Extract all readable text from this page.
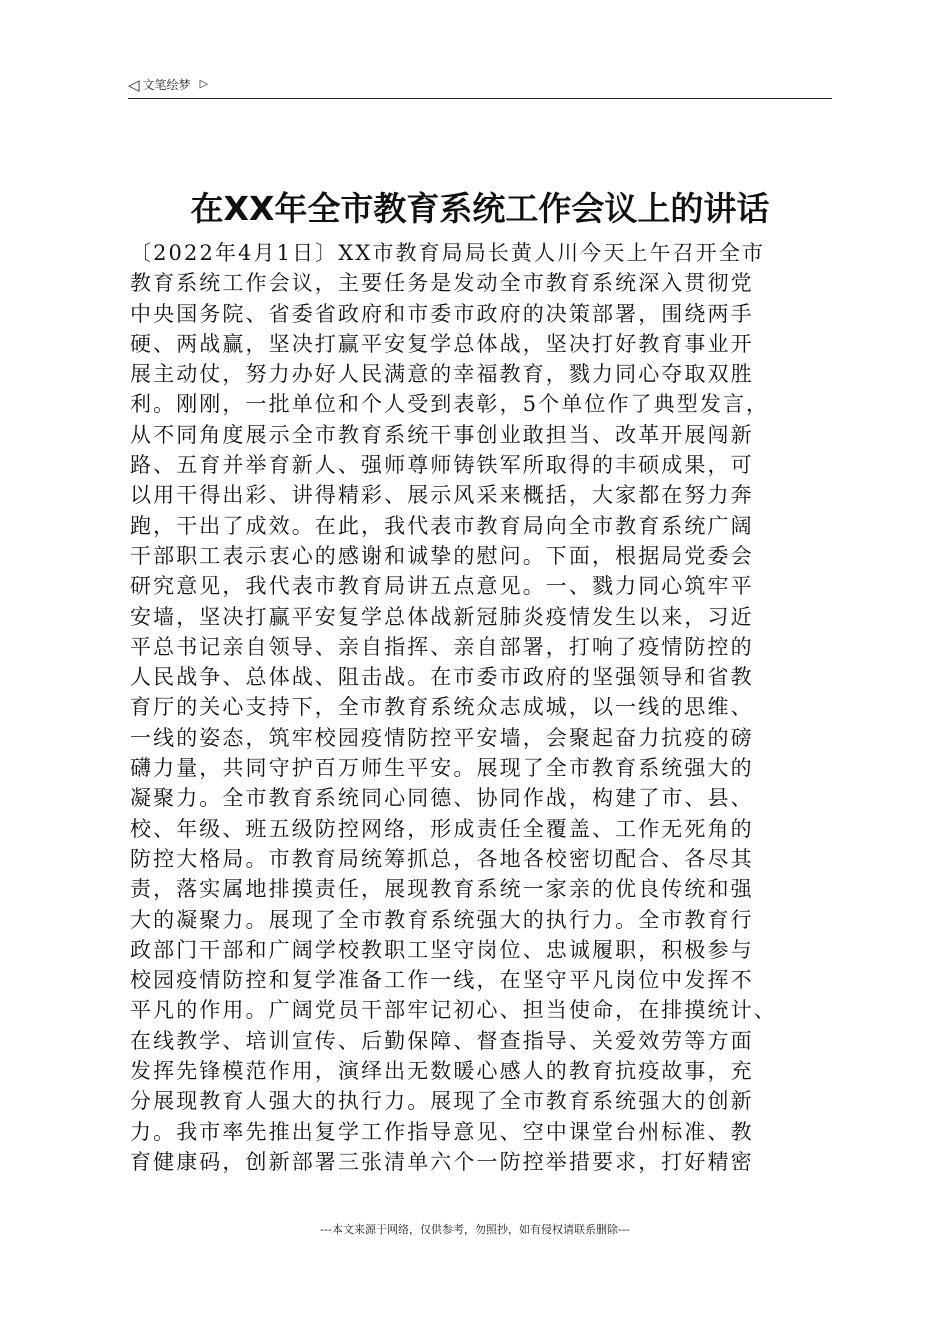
◁ 文笔绘梦 ▷
在XX年全市教育系统工作会议上的讲话
〔2022年4月1日〕XX市教育局局长黄人川今天上午召开全市
教育系统工作会议，主要任务是发动全市教育系统深入贯彻党
中央国务院、省委省政府和市委市政府的决策部署，围绕两手
硬、两战赢，坚决打赢平安复学总体战，坚决打好教育事业开
展主动仗，努力办好人民满意的幸福教育，戮力同心夺取双胜
利。刚刚，一批单位和个人受到表彰，5个单位作了典型发言，
从不同角度展示全市教育系统干事创业敢担当、改革开展闯新
路、五育并举育新人、强师尊师铸铁军所取得的丰硕成果，可
以用干得出彩、讲得精彩、展示风采来概括，大家都在努力奔
跑，干出了成效。在此，我代表市教育局向全市教育系统广阔
干部职工表示衷心的感谢和诚挚的慰问。下面，根据局党委会
研究意见，我代表市教育局讲五点意见。一、戮力同心筑牢平
安墙，坚决打赢平安复学总体战新冠肺炎疫情发生以来，习近
平总书记亲自领导、亲自指挥、亲自部署，打响了疫情防控的
人民战争、总体战、阻击战。在市委市政府的坚强领导和省教
育厅的关心支持下，全市教育系统众志成城，以一线的思维、
一线的姿态，筑牢校园疫情防控平安墙，会聚起奋力抗疫的磅
礴力量，共同守护百万师生平安。展现了全市教育系统强大的
凝聚力。全市教育系统同心同德、协同作战，构建了市、县、
校、年级、班五级防控网络，形成责任全覆盖、工作无死角的
防控大格局。市教育局统筹抓总，各地各校密切配合、各尽其
责，落实属地排摸责任，展现教育系统一家亲的优良传统和强
大的凝聚力。展现了全市教育系统强大的执行力。全市教育行
政部门干部和广阔学校教职工坚守岗位、忠诚履职，积极参与
校园疫情防控和复学准备工作一线，在坚守平凡岗位中发挥不
平凡的作用。广阔党员干部牢记初心、担当使命，在排摸统计、
在线教学、培训宣传、后勤保障、督查指导、关爱效劳等方面
发挥先锋模范作用，演绎出无数暖心感人的教育抗疫故事，充
分展现教育人强大的执行力。展现了全市教育系统强大的创新
力。我市率先推出复学工作指导意见、空中课堂台州标准、教
育健康码，创新部署三张清单六个一防控举措要求，打好精密
---本文来源于网络，仅供参考，勿照抄，如有侵权请联系删除---
